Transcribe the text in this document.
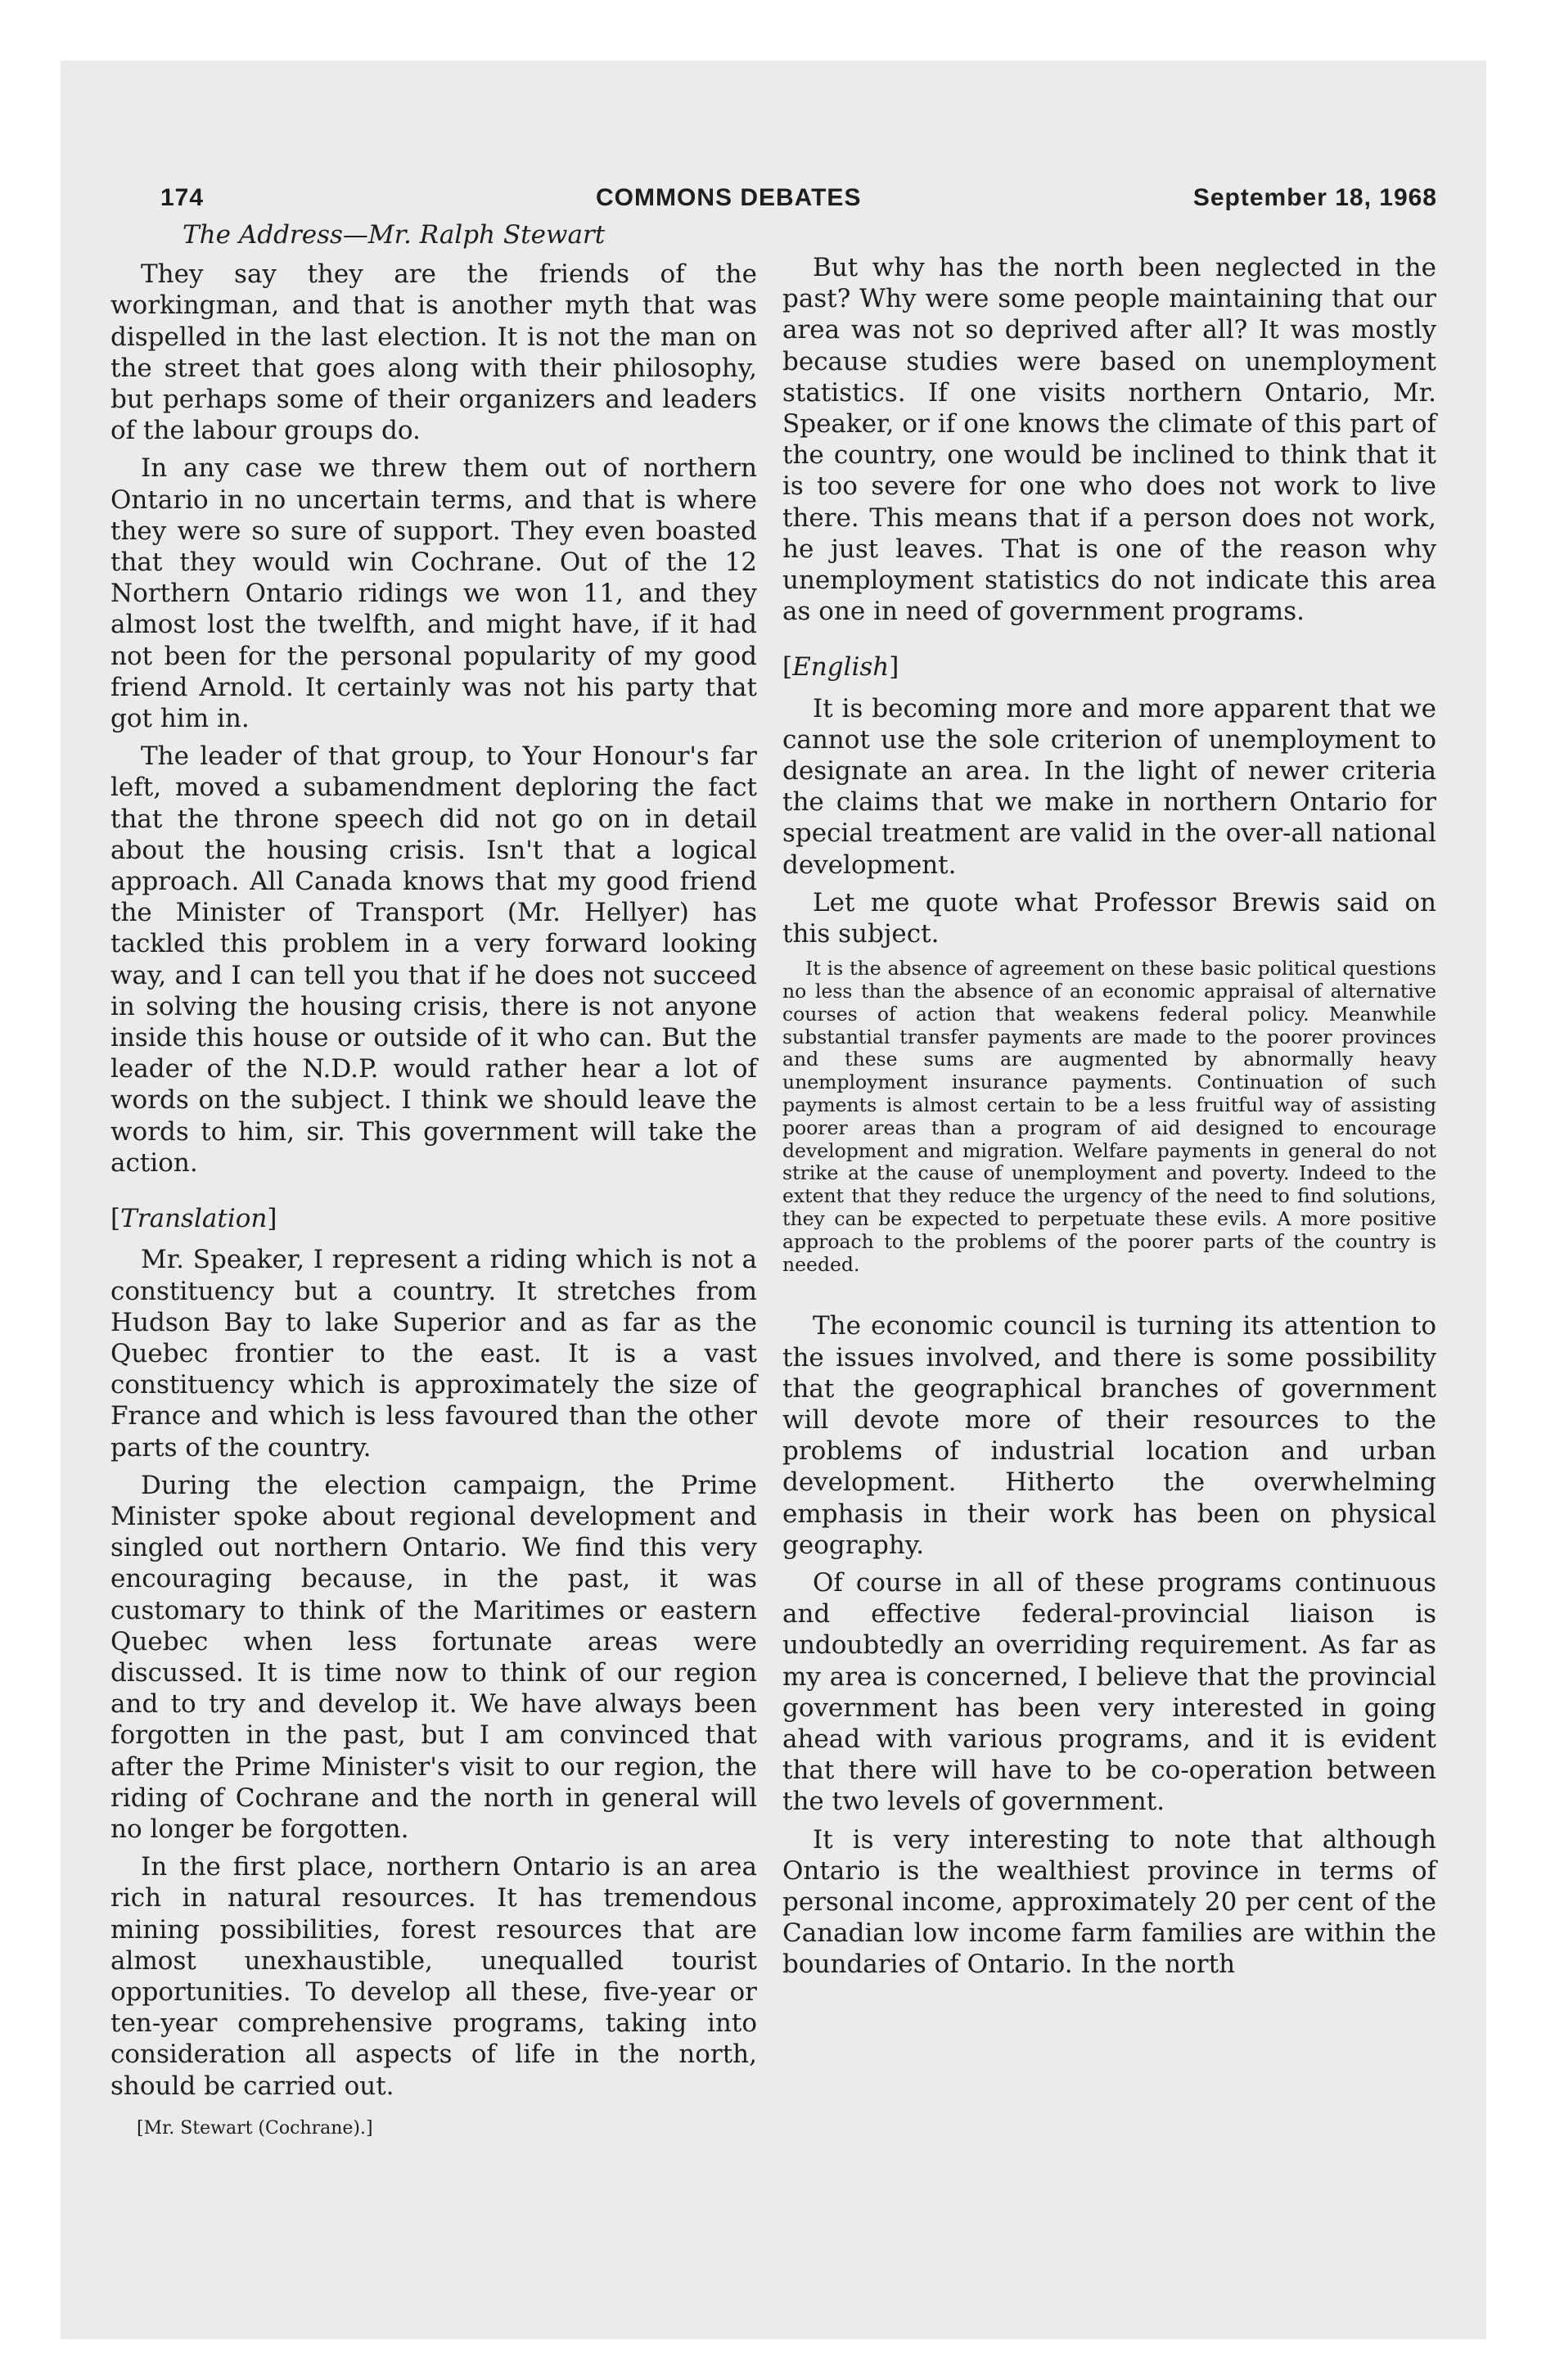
174	COMMONS DEBATES	September 18, 1968
The Address—Mr. Ralph Stewart

They say they are the friends of the workingman, and that is another myth that was dispelled in the last election. It is not the man on the street that goes along with their philosophy, but perhaps some of their organizers and leaders of the labour groups do.

In any case we threw them out of northern Ontario in no uncertain terms, and that is where they were so sure of support. They even boasted that they would win Cochrane. Out of the 12 Northern Ontario ridings we won 11, and they almost lost the twelfth, and might have, if it had not been for the personal popularity of my good friend Arnold. It certainly was not his party that got him in.

The leader of that group, to Your Honour's far left, moved a subamendment deploring the fact that the throne speech did not go on in detail about the housing crisis. Isn't that a logical approach. All Canada knows that my good friend the Minister of Transport (Mr. Hellyer) has tackled this problem in a very forward looking way, and I can tell you that if he does not succeed in solving the housing crisis, there is not anyone inside this house or outside of it who can. But the leader of the N.D.P. would rather hear a lot of words on the subject. I think we should leave the words to him, sir. This government will take the action.

[Translation]

Mr. Speaker, I represent a riding which is not a constituency but a country. It stretches from Hudson Bay to lake Superior and as far as the Quebec frontier to the east. It is a vast constituency which is approximately the size of France and which is less favoured than the other parts of the country.

During the election campaign, the Prime Minister spoke about regional development and singled out northern Ontario. We find this very encouraging because, in the past, it was customary to think of the Maritimes or eastern Quebec when less fortunate areas were discussed. It is time now to think of our region and to try and develop it. We have always been forgotten in the past, but I am convinced that after the Prime Minister's visit to our region, the riding of Cochrane and the north in general will no longer be forgotten.

In the first place, northern Ontario is an area rich in natural resources. It has tremendous mining possibilities, forest resources that are almost unexhaustible, unequalled tourist opportunities. To develop all these, five-year or ten-year comprehensive programs, taking into consideration all aspects of life in the north, should be carried out.

[Mr. Stewart (Cochrane).]

But why has the north been neglected in the past? Why were some people maintaining that our area was not so deprived after all? It was mostly because studies were based on unemployment statistics. If one visits northern Ontario, Mr. Speaker, or if one knows the climate of this part of the country, one would be inclined to think that it is too severe for one who does not work to live there. This means that if a person does not work, he just leaves. That is one of the reason why unemployment statistics do not indicate this area as one in need of government programs.

[English]

It is becoming more and more apparent that we cannot use the sole criterion of unemployment to designate an area. In the light of newer criteria the claims that we make in northern Ontario for special treatment are valid in the over-all national development.

Let me quote what Professor Brewis said on this subject.

It is the absence of agreement on these basic political questions no less than the absence of an economic appraisal of alternative courses of action that weakens federal policy. Meanwhile substantial transfer payments are made to the poorer provinces and these sums are augmented by abnormally heavy unemployment insurance payments. Continuation of such payments is almost certain to be a less fruitful way of assisting poorer areas than a program of aid designed to encourage development and migration. Welfare payments in general do not strike at the cause of unemployment and poverty. Indeed to the extent that they reduce the urgency of the need to find solutions, they can be expected to perpetuate these evils. A more positive approach to the problems of the poorer parts of the country is needed.

The economic council is turning its attention to the issues involved, and there is some possibility that the geographical branches of government will devote more of their resources to the problems of industrial location and urban development. Hitherto the overwhelming emphasis in their work has been on physical geography.

Of course in all of these programs continuous and effective federal-provincial liaison is undoubtedly an overriding requirement. As far as my area is concerned, I believe that the provincial government has been very interested in going ahead with various programs, and it is evident that there will have to be co-operation between the two levels of government.

It is very interesting to note that although Ontario is the wealthiest province in terms of personal income, approximately 20 per cent of the Canadian low income farm families are within the boundaries of Ontario. In the north
